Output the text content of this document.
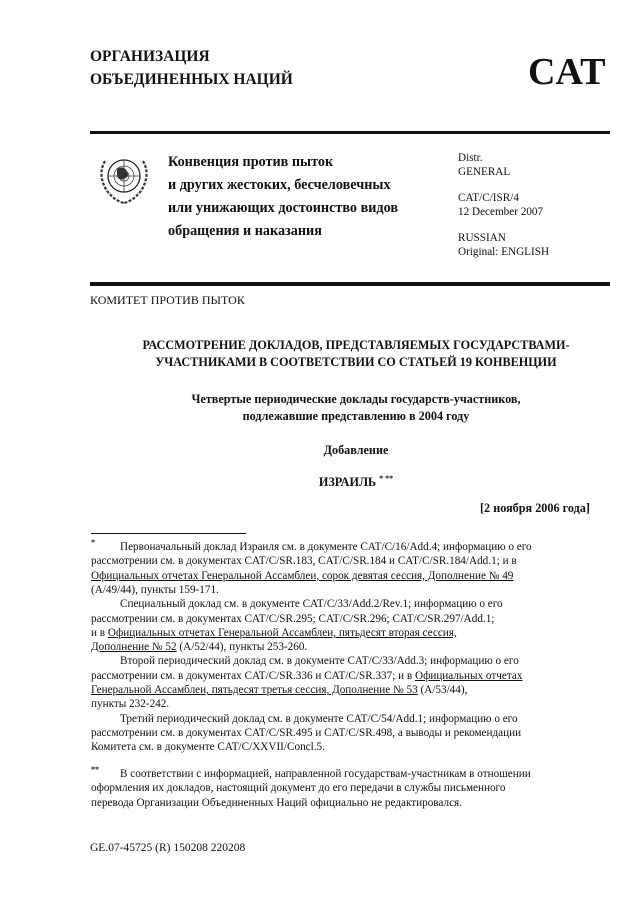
ОРГАНИЗАЦИЯ
ОБЪЕДИНЕННЫХ НАЦИЙ	CAT
Конвенция против пыток
и других жестоких, бесчеловечных
или унижающих достоинство видов
обращения и наказания
Distr.
GENERAL
CAT/C/ISR/4
12 December 2007
RUSSIAN
Original: ENGLISH
КОМИТЕТ ПРОТИВ ПЫТОК
РАССМОТРЕНИЕ ДОКЛАДОВ, ПРЕДСТАВЛЯЕМЫХ ГОСУДАРСТВАМИ-
УЧАСТНИКАМИ В СООТВЕТСТВИИ СО СТАТЬЕЙ 19 КОНВЕНЦИИ
Четвертые периодические доклады государств-участников,
подлежавшие представлению в 2004 году
Добавление
ИЗРАИЛЬ * **
[2 ноября 2006 года]
* Первоначальный доклад Израиля см. в документе CAT/C/16/Add.4; информацию о его
рассмотрении см. в документах CAT/C/SR.183, CAT/C/SR.184 и CAT/C/SR.184/Add.1; и в
Официальных отчетах Генеральной Ассамблеи, сорок девятая сессия, Дополнение № 49
(A/49/44), пункты 159-171.
Специальный доклад см. в документе CAT/C/33/Add.2/Rev.1; информацию о его
рассмотрении см. в документах CAT/C/SR.295; CAT/C/SR.296; CAT/C/SR.297/Add.1;
и в Официальных отчетах Генеральной Ассамблеи, пятьдесят вторая сессия,
Дополнение № 52 (A/52/44), пункты 253-260.
Второй периодический доклад см. в документе CAT/C/33/Add.3; информацию о его
рассмотрении см. в документах CAT/C/SR.336 и CAT/C/SR.337; и в Официальных отчетах
Генеральной Ассамблеи, пятьдесят третья сессия, Дополнение № 53 (A/53/44),
пункты 232-242.
Третий периодический доклад см. в документе CAT/C/54/Add.1; информацию о его
рассмотрении см. в документах CAT/C/SR.495 и CAT/C/SR.498, а выводы и рекомендации
Комитета см. в документе CAT/C/XXVII/Concl.5.
** В соответствии с информацией, направленной государствам-участникам в отношении
оформления их докладов, настоящий документ до его передачи в службы письменного
перевода Организации Объединенных Наций официально не редактировался.
GE.07-45725 (R) 150208 220208
